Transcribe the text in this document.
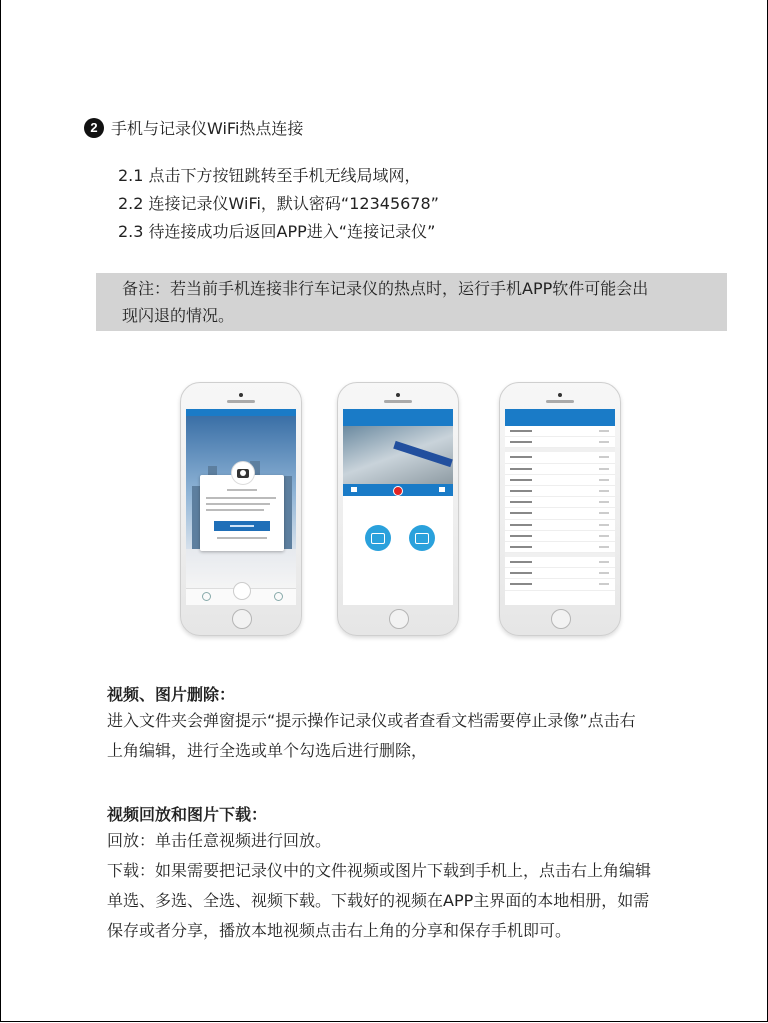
2 手机与记录仪WiFi热点连接
2.1 点击下方按钮跳转至手机无线局域网，
2.2 连接记录仪WiFi，默认密码“12345678”
2.3 待连接成功后返回APP进入“连接记录仪”
备注：若当前手机连接非行车记录仪的热点时，运行手机APP软件可能会出
现闪退的情况。
视频、图片删除：
进入文件夹会弹窗提示“提示操作记录仪或者查看文档需要停止录像”点击右
上角编辑，进行全选或单个勾选后进行删除，
视频回放和图片下载：
回放：单击任意视频进行回放。
下载：如果需要把记录仪中的文件视频或图片下载到手机上，点击右上角编辑
单选、多选、全选、视频下载。下载好的视频在APP主界面的本地相册，如需
保存或者分享，播放本地视频点击右上角的分享和保存手机即可。
